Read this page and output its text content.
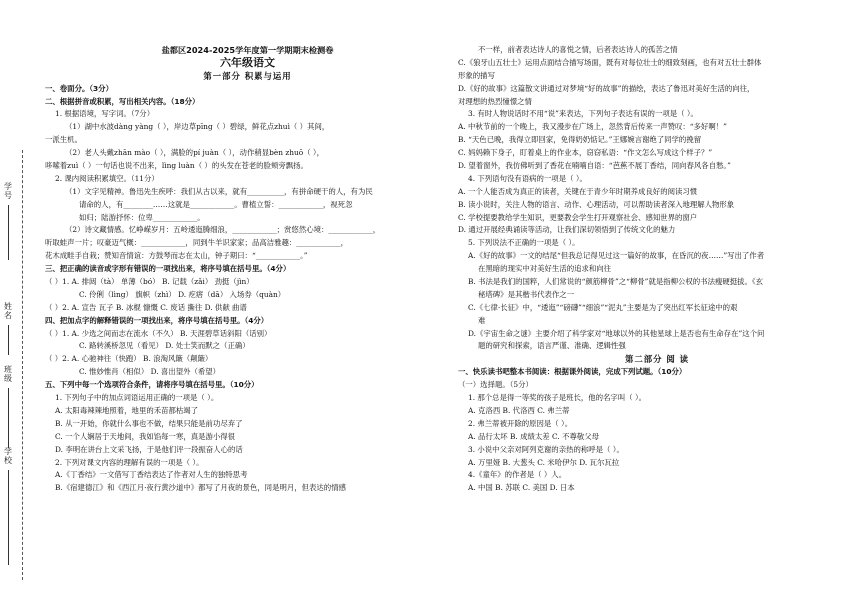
学号
姓名
班级
学校
盐都区2024-2025学年度第一学期期末检测卷
六年级语文
第一部分 积累与运用
一、卷面分。（3分）
二、根据拼音或积累，写出相关内容。（18分）
1. 根据语境，写字词。（7分）
（1）湖中水波dàng yàng（ ），岸边草pīng（ ）碧绿，鲜花点zhuì（ ）其间，
一派生机。
（2）老人头戴zhān mào（ ），满脸的pí juàn（ ），动作稍显bèn zhuō（ ），
哆嗦着zuì（ ）一句话也说不出来，lìng luàn（ ）的头发在苍老的脸颊旁飘扬。
2. 课内阅读积累填空。（11分）
（1）文字见精神。鲁迅先生疾呼：我们从古以来，就有__________，有拼命硬干的人，有为民
请命的人，有________……这就是____________。曹植立誓：____________，视死忽
如归；陆游抒怀：位卑____________。
（2）诗文藏情感。忆峥嵘岁月：五岭逶迤腾细浪，____________；赏悠然心境：____________，
听取蛙声一片；叹豪迈气概：____________，同到牛羊识家家；品高洁雅趣：____________，
花木成畦手自栽；赞知音情谊：方鼓琴而志在太山，钟子期曰：“____________。”
三、把正确的读音或字形有错误的一项找出来，将序号填在括号里。（4分）
（ ）1. A. 排闼（tà） 单薄（bó） B. 记载（zǎi） 劲挺（jìn）
C. 伶俐（lìng） 旗帜（zhì） D. 疙瘩（dā） 入场券（quàn）
（ ）2. A. 宣告 瓦子 B. 冰棍 慷慨 C. 废话 撕往 D. 供献 曲谱
四、把加点字的解释错误的一项找出来，将序号填在括号里。（4分）
（ ）1. A. 少选之间而志在流水（不久） B. 天涯碧草话斜阳（话别）
C. 路转溪桥忽见（看见） D. 处士笑而默之（正确）
（ ）2. A. 心驰神往（快跑） B. 浪淘风簸（颠簸）
C. 惟妙惟肖（相似） D. 喜出望外（希望）
五、下列中每一个选项符合条件，请将序号填在括号里。（10分）
1. 下列句子中的加点词语运用正确的一项是（ ）。
A. 太阳毒辣辣地照着，地里的禾苗都枯竭了
B. 从一开始，你就什么事也不做，结果只能是前功尽弃了
C. 一个人娴居于天地间，我如馅每一寒，真是游小得很
D. 李明在讲台上文采飞扬，于是他们评一段振奋人心的话
2. 下列对课文内容的理解有误的一项是（ ）。
A.《丁香结》一文借写丁香结表达了作者对人生的独特思考
B.《宿建德江》和《西江月·夜行黄沙道中》都写了月夜的景色，同是明月，但表达的情感
不一样，前者表达诗人的喜悦之情，后者表达诗人的孤苦之情
C.《狼牙山五壮士》运用点面结合描写场面，既有对每位壮士的细致刻画，也有对五壮士群体
形象的描写
D.《好的故事》这篇散文讲通过对梦境“好的故事”的描绘，表达了鲁迅对美好生活的向往，
对理想的热烈憧憬之情
3. 有时人物说话时不用“说”来表达，下列句子表达有误的一项是（ ）。
A. 中秋节前的一个晚上，我又漫步在广场上，忽然背后传来一声赞叹：“多好啊！”
B. “天色已晚，我得立即回家，免得奶奶惦记。”王娜婉言谢绝了同学的挽留
C. 妈妈赖下身子，盯着桌上的作业本，窃窃私语：“作文怎么写成这个样子？”
D. 望着窗外，我仿佛听到了香花在喃喃自语：“芭蕉不展丁香结，同向春风各自愁。”
4. 下列语句没有语病的一项是（ ）。
A. 一个人能否成为真正的读者，关键在于青少年时期养成良好的阅读习惯
B. 读小说时，关注人物的语言、动作、心理活动，可以帮助读者深入地理解人物形象
C. 学校提要教给学生知识，更要教会学生打开观察社会、感知世界的窗户
D. 通过开展经典诵读等活动，让我们深切领悟到了传统文化的魅力
5. 下列说法不正确的一项是（ ）。
A.《好的故事》一文的结尾“但我总记得见过这一篇好的故事，在昏沉的夜……”写出了作者
在黑暗的现实中对美好生活的追求和向往
B. 书法是我们的国粹，人们常说的“颜筋柳骨”之“柳骨”就是指柳公权的书法瘦硬挺拔。《玄
秘塔碑》是其楷书代表作之一
C.《七律·长征》中，“逶迤”“磅礴”“细浪”“泥丸”主要是为了突出红军长征途中的艰
难
D.《宇宙生命之谜》主要介绍了科学家对“地球以外的其他星球上是否也有生命存在”这个问
题的研究和探索，语言严谨、准确、逻辑性强
第二部分 阅 读
一、快乐读书吧整本书阅读：根据课外阅读，完成下列试题。（10分）
（一）选择题。（5分）
1. 那个总是得一等奖的孩子是班长，他的名字叫（ ）。
A. 克洛西 B. 代洛西 C. 弗兰蒂
2. 弗兰蒂被开除的原因是（ ）。
A. 品行太坏 B. 成绩太差 C. 不尊敬父母
3. 小说中父亲对阿列克谢的亲热的称呼是（ ）。
A. 万里娅 B. 大葱头 C. 米哈伊尔 D. 瓦尔瓦拉
4.《童年》的作者是（ ）人。
A. 中国 B. 苏联 C. 美国 D. 日本
